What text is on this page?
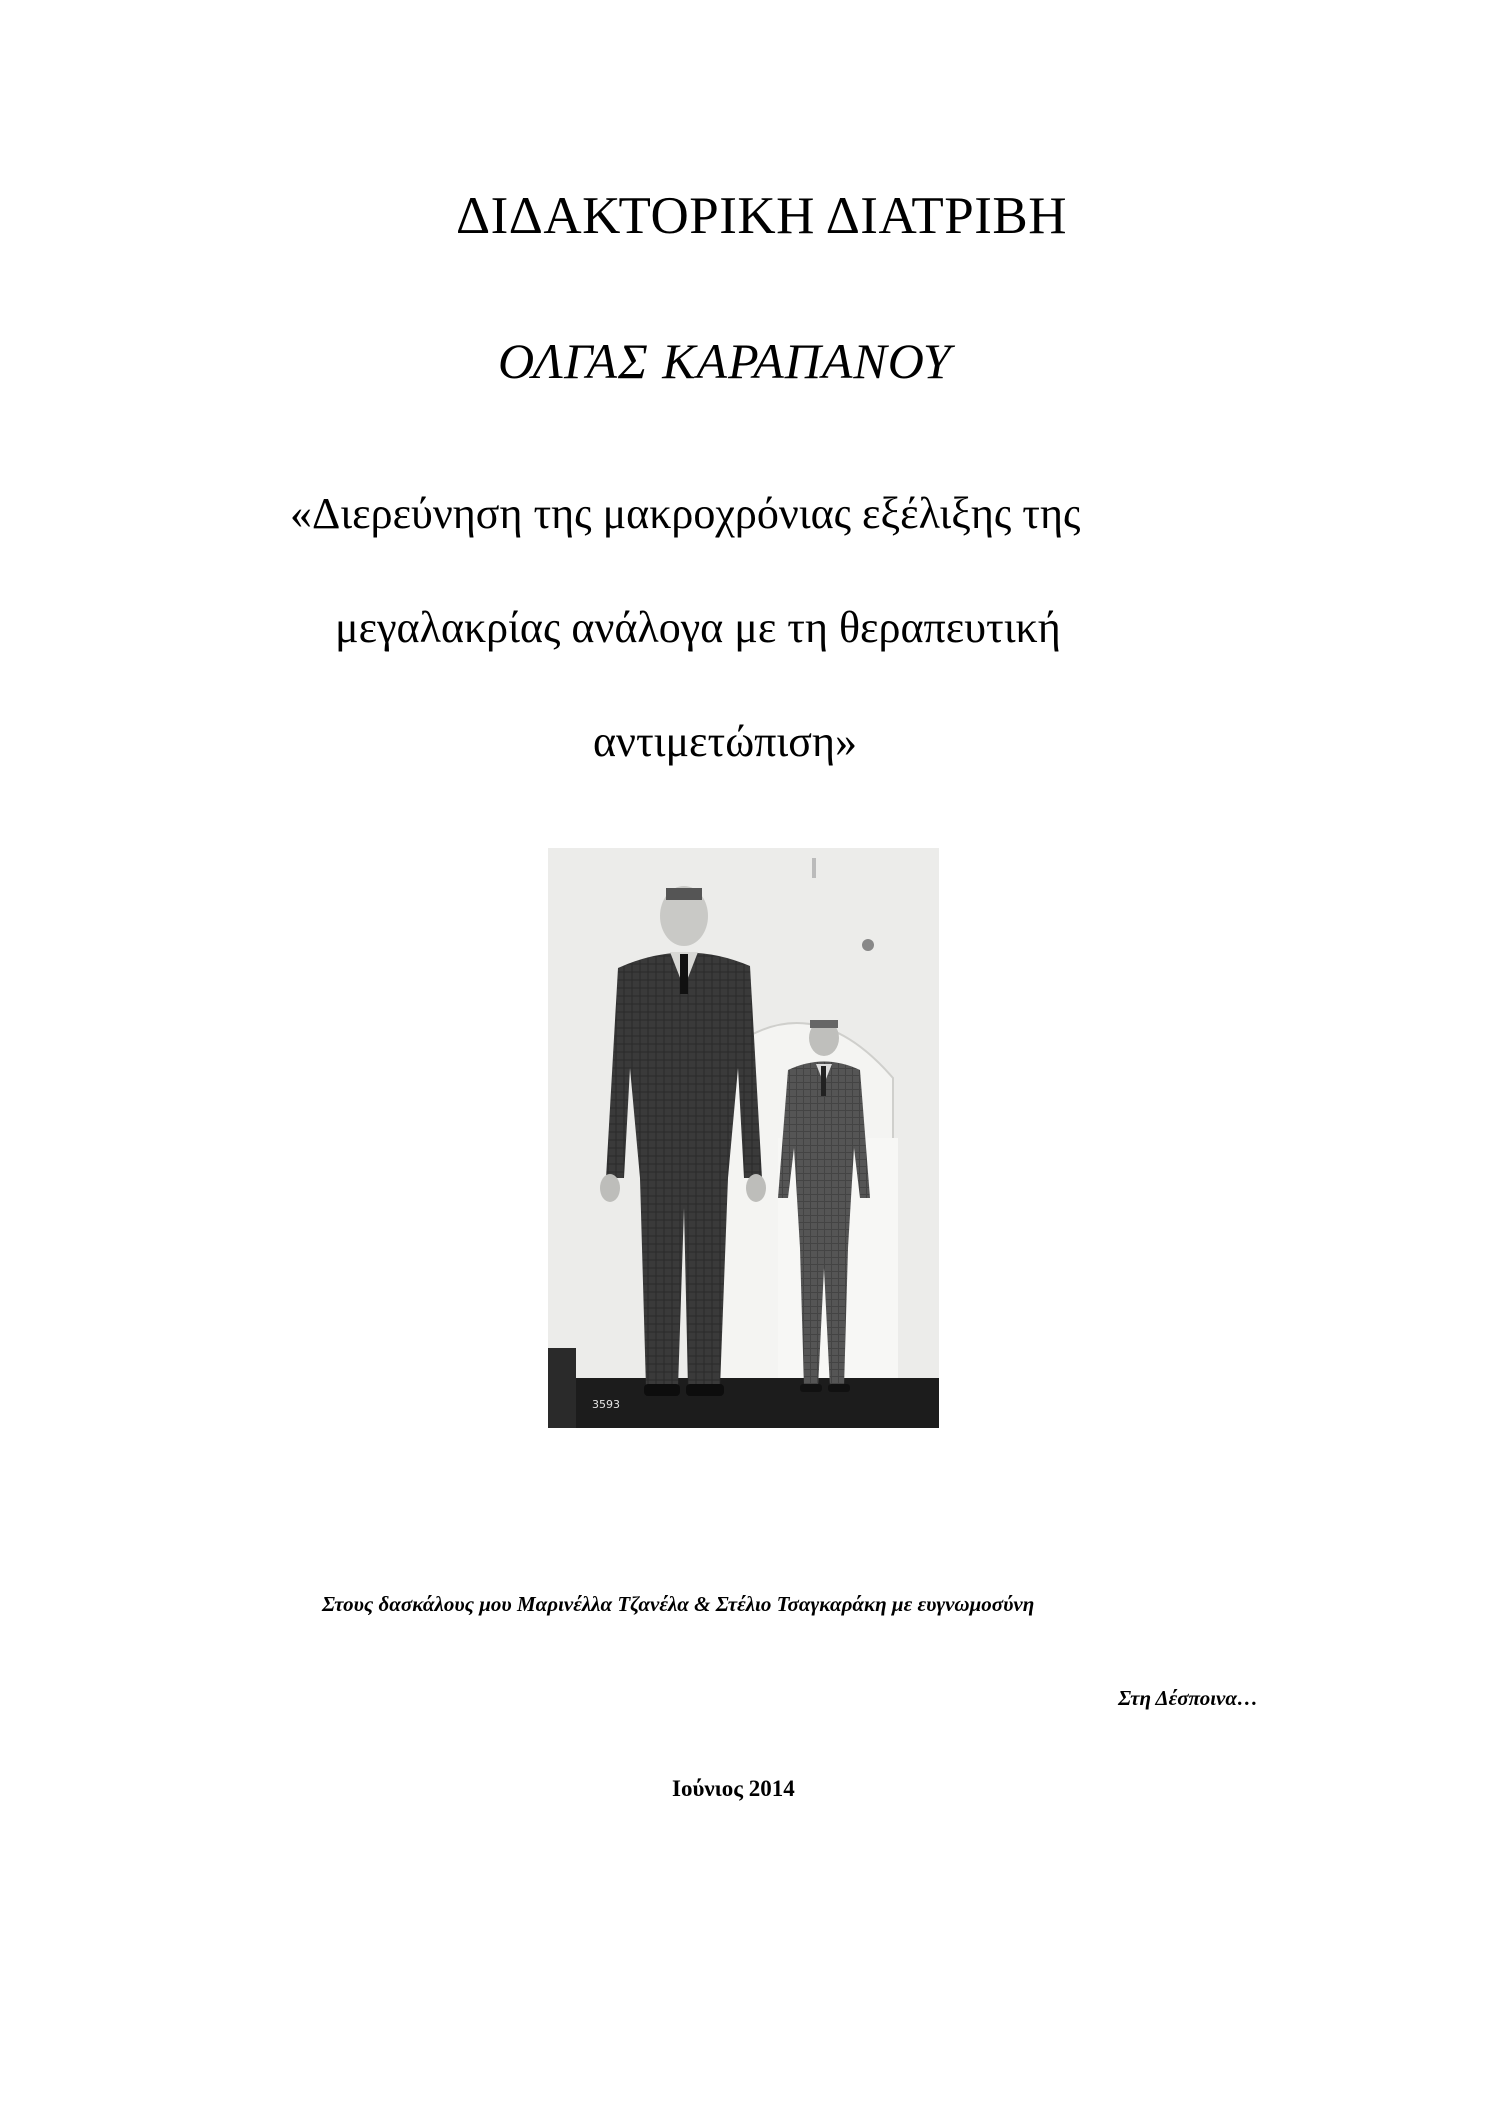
ΔΙΔΑΚΤΟΡΙΚΗ ΔΙΑΤΡΙΒΗ
ΟΛΓΑΣ ΚΑΡΑΠΑΝΟΥ
«Διερεύνηση της μακροχρόνιας εξέλιξης της
μεγαλακρίας ανάλογα με τη θεραπευτική
αντιμετώπιση»
3593
Στους δασκάλους μου Μαρινέλλα Τζανέλα & Στέλιο Τσαγκαράκη με ευγνωμοσύνη
Στη Δέσποινα…
Ιούνιος 2014
